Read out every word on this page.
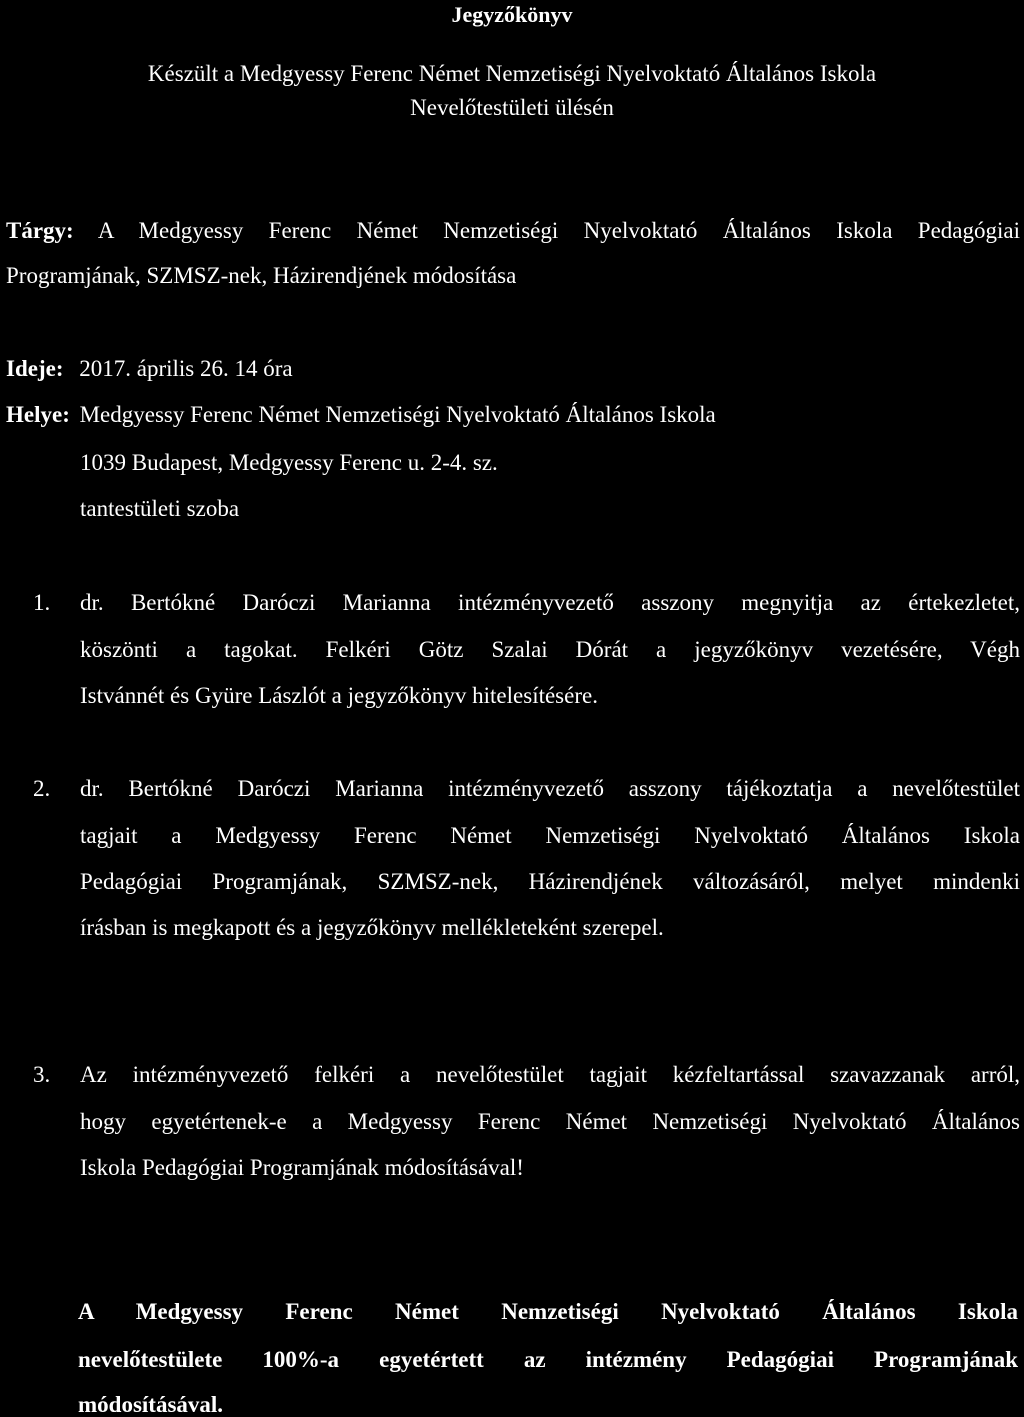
Jegyzőkönyv
Készült a Medgyessy Ferenc Német Nemzetiségi Nyelvoktató Általános Iskola
Nevelőtestületi ülésén
Tárgy: A Medgyessy Ferenc Német Nemzetiségi Nyelvoktató Általános Iskola Pedagógiai
Programjának, SZMSZ-nek, Házirendjének módosítása
Ideje: 2017. április 26. 14 óra
Helye: Medgyessy Ferenc Német Nemzetiségi Nyelvoktató Általános Iskola
1039 Budapest, Medgyessy Ferenc u. 2-4. sz.
tantestületi szoba
1. dr. Bertókné Daróczi Marianna intézményvezető asszony megnyitja az értekezletet,
köszönti a tagokat. Felkéri Götz Szalai Dórát a jegyzőkönyv vezetésére, Végh
Istvánnét és Gyüre Lászlót a jegyzőkönyv hitelesítésére.
2. dr. Bertókné Daróczi Marianna intézményvezető asszony tájékoztatja a nevelőtestület
tagjait a Medgyessy Ferenc Német Nemzetiségi Nyelvoktató Általános Iskola
Pedagógiai Programjának, SZMSZ-nek, Házirendjének változásáról, melyet mindenki
írásban is megkapott és a jegyzőkönyv mellékleteként szerepel.
3. Az intézményvezető felkéri a nevelőtestület tagjait kézfeltartással szavazzanak arról,
hogy egyetértenek-e a Medgyessy Ferenc Német Nemzetiségi Nyelvoktató Általános
Iskola Pedagógiai Programjának módosításával!
A Medgyessy Ferenc Német Nemzetiségi Nyelvoktató Általános Iskola
nevelőtestülete 100%-a egyetértett az intézmény Pedagógiai Programjának
módosításával.
